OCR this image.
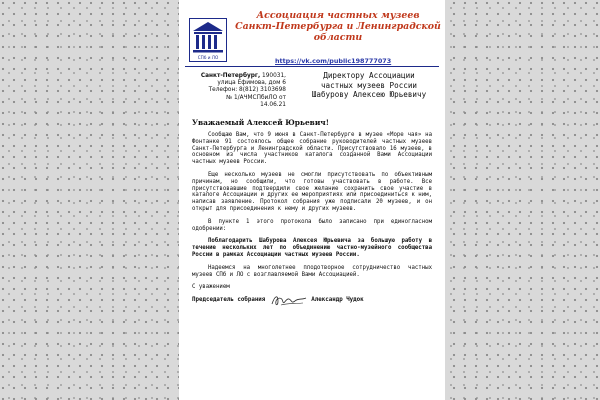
СПб и ЛО
Ассоциация частных музеев
Санкт-Петербурга и Ленинградской
области
https://vk.com/public198777073
Санкт-Петербург, 190031,
улица Ефимова, дом 6
Телефон: 8(812) 3103698
№ 1/АЧМСПбиЛО от
14.06.21
Директору Ассоциации
частных музеев России
Шабурову Алексею Юрьевичу
Уважаемый Алексей Юрьевич!

Сообщаю Вам, что 9 июня в Санкт-Петербурге в музее «Море чая» на Фонтанке 91 состоялось общее собрание руководителей частных музеев Санкт-Петербурга и Ленинградской области. Присутствовало 16 музеев, в основном из числа участников каталога созданной Вами Ассоциации частных музеев России.

Еще несколько музеев не смогли присутствовать по объективным причинам, но сообщили, что готовы участвовать в работе. Все присутствовавшие подтвердили свое желание сохранить свое участие в каталоге Ассоциации и других ее мероприятиях или присоединиться к ним, написав заявление. Протокол собрания уже подписали 20 музеев, и он открыт для присоединения к нему и других музеев.

В пункте 1 этого протокола было записано при единогласном одобрении:

Поблагодарить Шабурова Алексея Юрьевича за большую работу в течение нескольких лет по объединению частно-музейного сообщества России в рамках Ассоциации частных музеев России.

Надеемся на многолетнее плодотворное сотрудничество частных музеев СПб и ЛО с возглавляемой Вами Ассоциацией.

С уважением

Председатель собрания	Александр Чудок
